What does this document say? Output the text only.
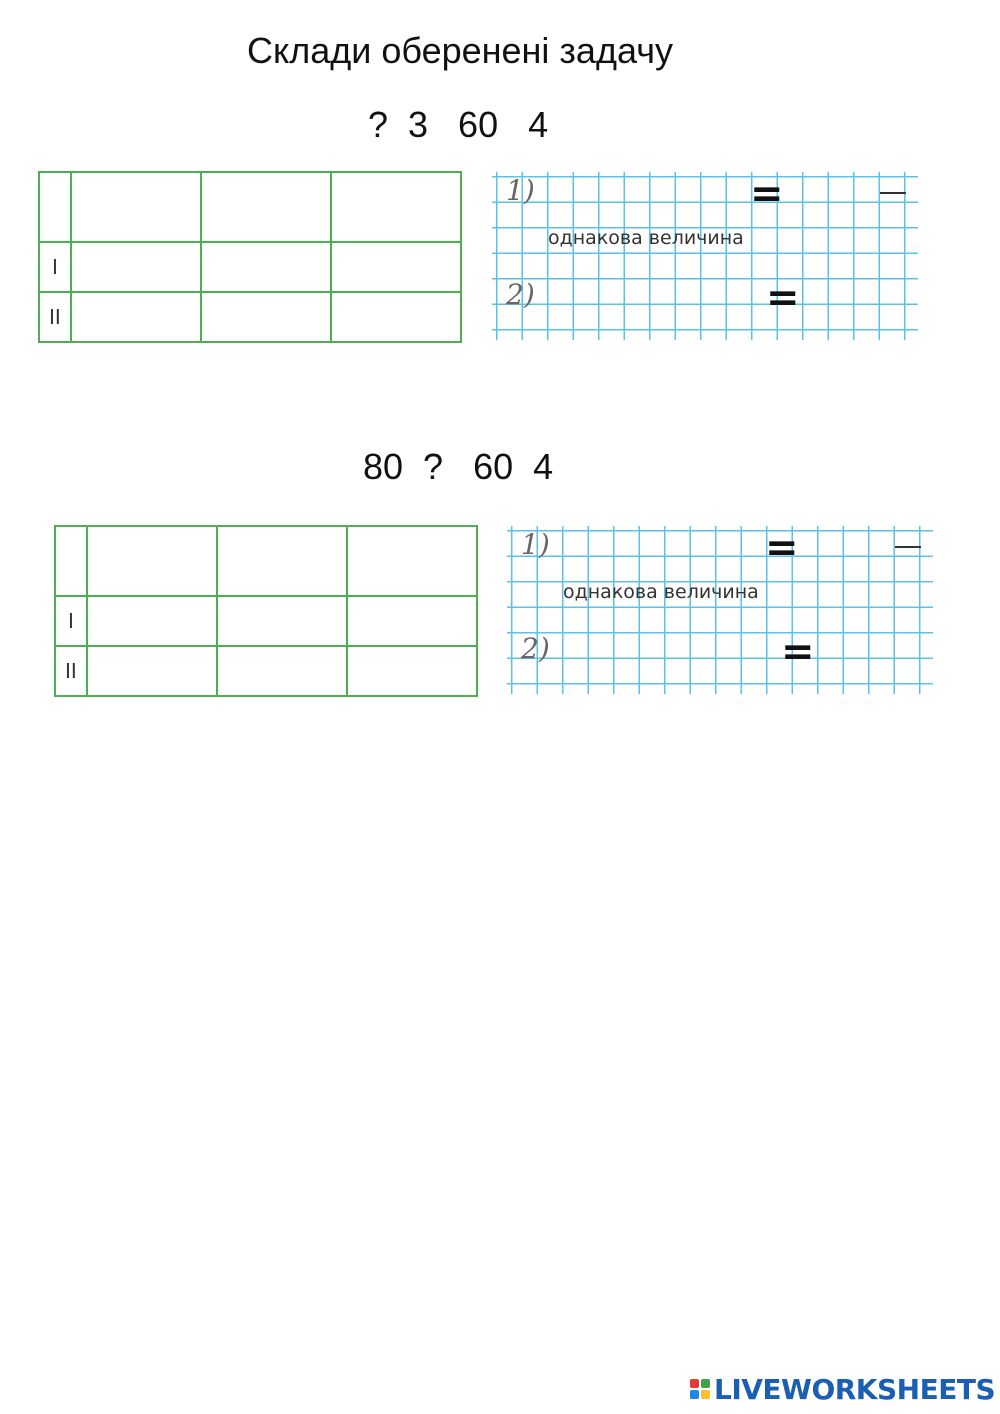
Склади оберенені задачу
?  3   60   4

I			
II			
1)	=
однакова величина
2)	=
80  ?   60  4

I			
II			
1)	=
однакова величина
2)	=
LIVEWORKSHEETS
